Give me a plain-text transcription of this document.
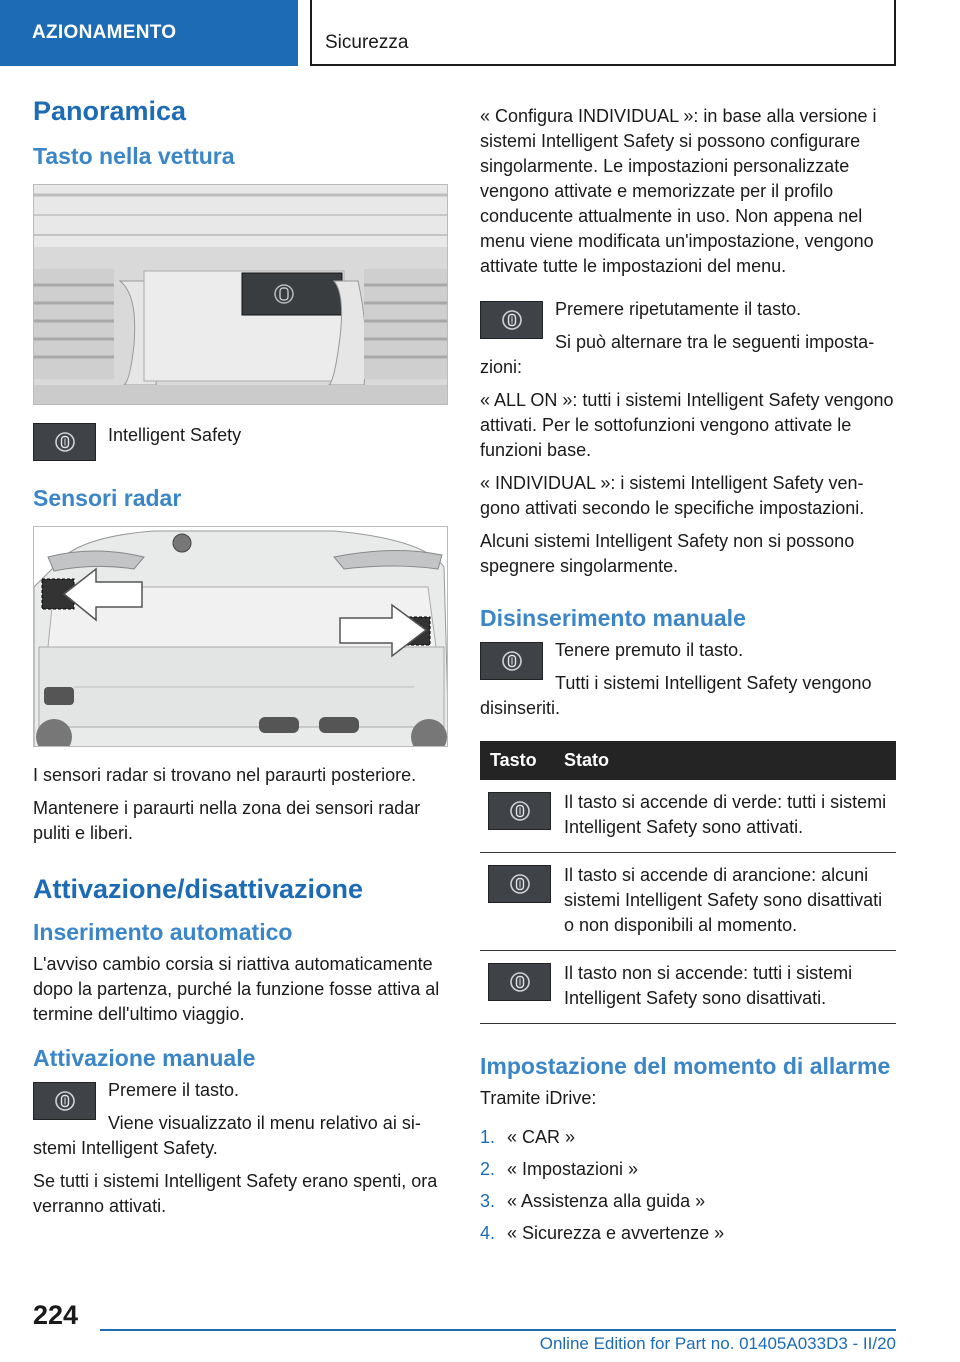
AZIONAMENTO	Sicurezza
Panoramica
Tasto nella vettura

Intelligent Safety

Sensori radar

I sensori radar si trovano nel paraurti posteriore.

Mantenere i paraurti nella zona dei sensori radar puliti e liberi.

Attivazione/disattivazione
Inserimento automatico

L'avviso cambio corsia si riattiva automaticamente dopo la partenza, purché la funzione fosse attiva al termine dell'ultimo viaggio.

Attivazione manuale

Premere il tasto.

Viene visualizzato il menu relativo ai sistemi Intelligent Safety.

Se tutti i sistemi Intelligent Safety erano spenti, ora verranno attivati.

« Configura INDIVIDUAL »: in base alla versione i sistemi Intelligent Safety si possono configurare singolarmente. Le impostazioni personalizzate vengono attivate e memorizzate per il profilo conducente attualmente in uso. Non appena nel menu viene modificata un'impostazione, vengono attivate tutte le impostazioni del menu.

Premere ripetutamente il tasto.

Si può alternare tra le seguenti impostazioni:

« ALL ON »: tutti i sistemi Intelligent Safety vengono attivati. Per le sottofunzioni vengono attivate le funzioni base.

« INDIVIDUAL »: i sistemi Intelligent Safety vengono attivati secondo le specifiche impostazioni.

Alcuni sistemi Intelligent Safety non si possono spegnere singolarmente.

Disinserimento manuale

Tenere premuto il tasto.

Tutti i sistemi Intelligent Safety vengono disinseriti.

Tasto	Stato

	Il tasto si accende di verde: tutti i sistemi Intelligent Safety sono attivati.

	Il tasto si accende di arancione: alcuni sistemi Intelligent Safety sono disattivati o non disponibili al momento.

	Il tasto non si accende: tutti i sistemi Intelligent Safety sono disattivati.
Impostazione del momento di allarme

Tramite iDrive:

1. « CAR »
2. « Impostazioni »
3. « Assistenza alla guida »
4. « Sicurezza e avvertenze »
224
Online Edition for Part no. 01405A033D3 - II/20
